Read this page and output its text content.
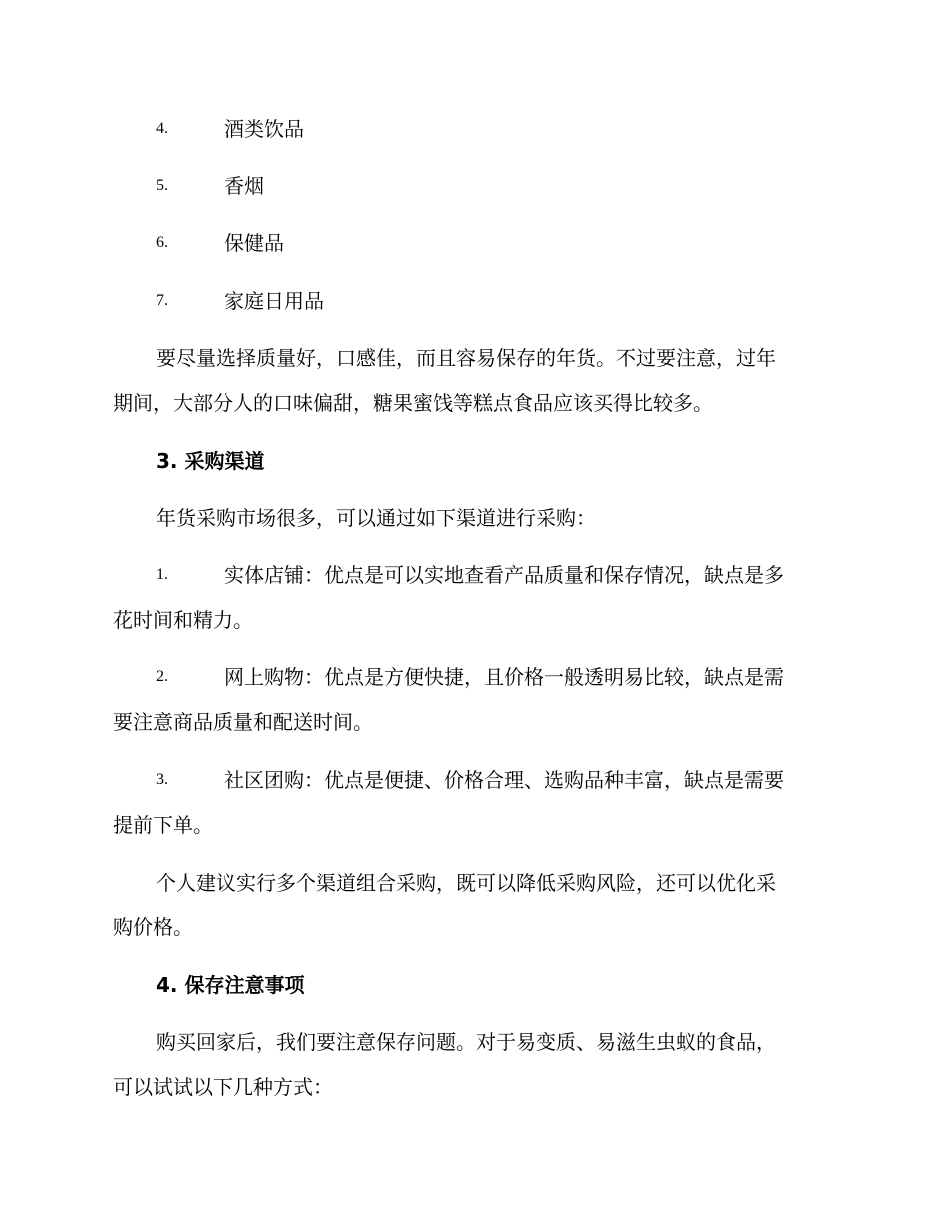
4.	酒类饮品
5.	香烟
6.	保健品
7.	家庭日用品
要尽量选择质量好，口感佳，而且容易保存的年货。不过要注意，过年
期间，大部分人的口味偏甜，糖果蜜饯等糕点食品应该买得比较多。
3. 采购渠道
年货采购市场很多，可以通过如下渠道进行采购：
1.	实体店铺：优点是可以实地查看产品质量和保存情况，缺点是多
花时间和精力。
2.	网上购物：优点是方便快捷，且价格一般透明易比较，缺点是需
要注意商品质量和配送时间。
3.	社区团购：优点是便捷、价格合理、选购品种丰富，缺点是需要
提前下单。
个人建议实行多个渠道组合采购，既可以降低采购风险，还可以优化采
购价格。
4. 保存注意事项
购买回家后，我们要注意保存问题。对于易变质、易滋生虫蚁的食品，
可以试试以下几种方式：
